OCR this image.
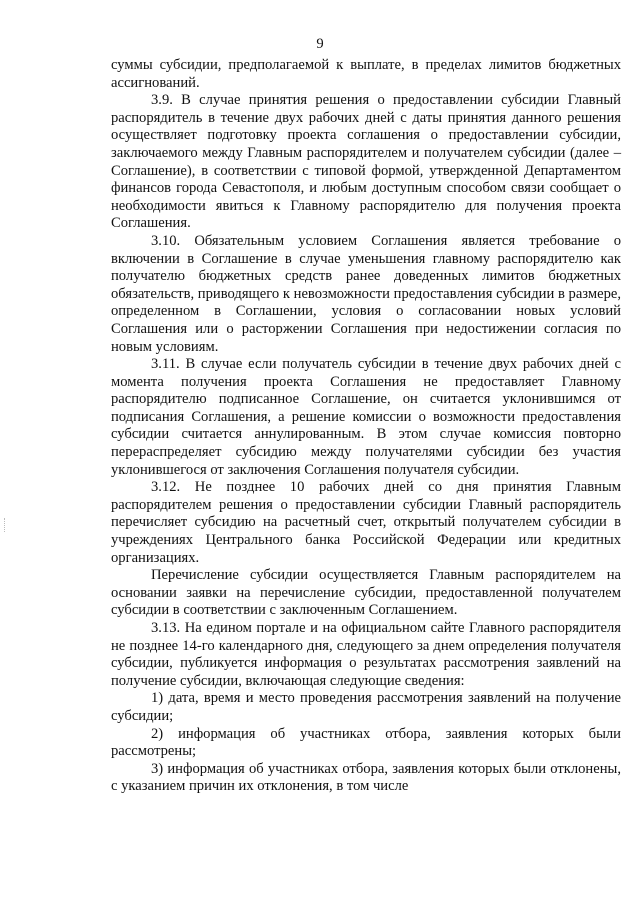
9

суммы субсидии, предполагаемой к выплате, в пределах лимитов бюджетных ассигнований.

3.9. В случае принятия решения о предоставлении субсидии Главный распорядитель в течение двух рабочих дней с даты принятия данного решения осуществляет подготовку проекта соглашения о предоставлении субсидии, заключаемого между Главным распорядителем и получателем субсидии (далее – Соглашение), в соответствии с типовой формой, утвержденной Департаментом финансов города Севастополя, и любым доступным способом связи сообщает о необходимости явиться к Главному распорядителю для получения проекта Соглашения.

3.10. Обязательным условием Соглашения является требование о включении в Соглашение в случае уменьшения главному распорядителю как получателю бюджетных средств ранее доведенных лимитов бюджетных обязательств, приводящего к невозможности предоставления субсидии в размере, определенном в Соглашении, условия о согласовании новых условий Соглашения или о расторжении Соглашения при недостижении согласия по новым условиям.

3.11. В случае если получатель субсидии в течение двух рабочих дней с момента получения проекта Соглашения не предоставляет Главному распорядителю подписанное Соглашение, он считается уклонившимся от подписания Соглашения, а решение комиссии о возможности предоставления субсидии считается аннулированным. В этом случае комиссия повторно перераспределяет субсидию между получателями субсидии без участия уклонившегося от заключения Соглашения получателя субсидии.

3.12. Не позднее 10 рабочих дней со дня принятия Главным распорядителем решения о предоставлении субсидии Главный распорядитель перечисляет субсидию на расчетный счет, открытый получателем субсидии в учреждениях Центрального банка Российской Федерации или кредитных организациях.

Перечисление субсидии осуществляется Главным распорядителем на основании заявки на перечисление субсидии, предоставленной получателем субсидии в соответствии с заключенным Соглашением.

3.13. На едином портале и на официальном сайте Главного распорядителя не позднее 14-го календарного дня, следующего за днем определения получателя субсидии, публикуется информация о результатах рассмотрения заявлений на получение субсидии, включающая следующие сведения:

1) дата, время и место проведения рассмотрения заявлений на получение субсидии;

2) информация об участниках отбора, заявления которых были рассмотрены;

3) информация об участниках отбора, заявления которых были отклонены, с указанием причин их отклонения, в том числе
